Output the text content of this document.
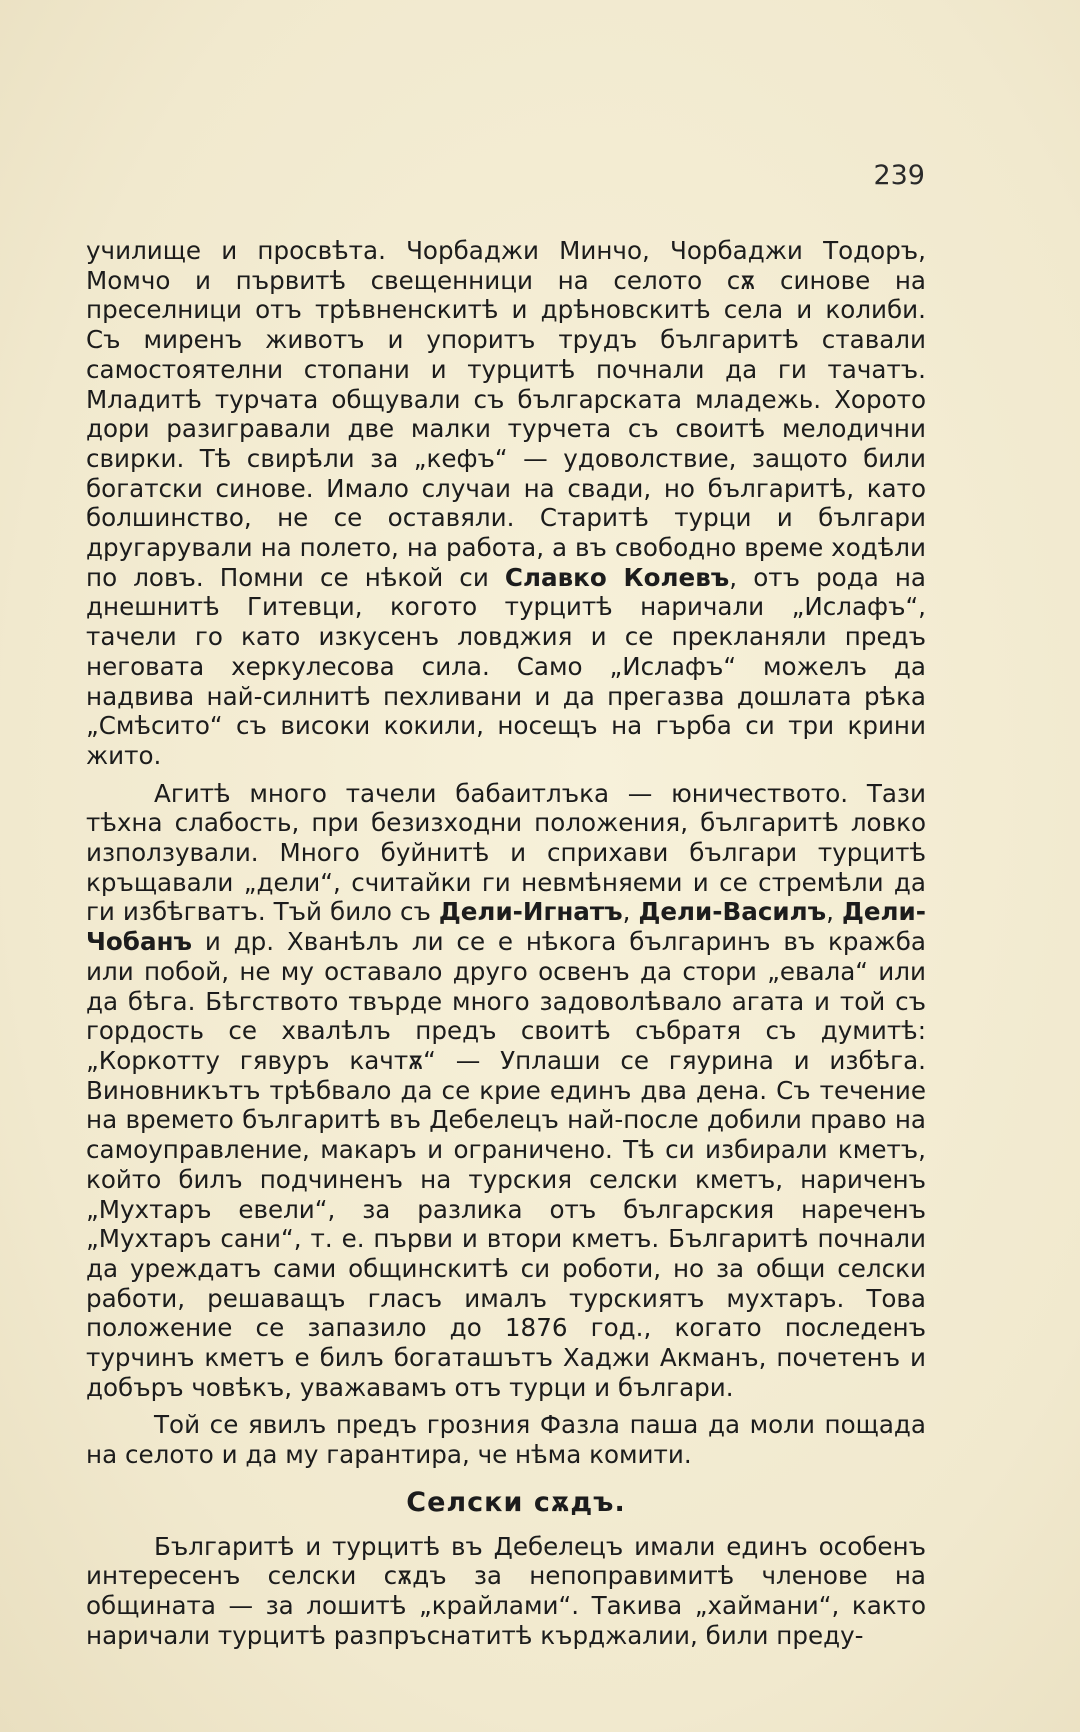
239

училище и просвѣта. Чорбаджи Минчо, Чорбаджи Тодоръ, Момчо и първитѣ свещенници на селото сѫ синове на преселници отъ трѣвненскитѣ и дрѣновскитѣ села и колиби. Съ миренъ животъ и упоритъ трудъ българитѣ ставали самостоятелни стопани и турцитѣ почнали да ги тачатъ. Младитѣ турчата общували съ българската младежь. Хорото дори разигравали две малки турчета съ своитѣ мелодични свирки. Тѣ свирѣли за „кефъ“ — удоволствие, защото били богатски синове. Имало случаи на свади, но българитѣ, като болшинство, не се оставяли. Старитѣ турци и българи другарували на полето, на работа, а въ свободно време ходѣли по ловъ. Помни се нѣкой си Славко Колевъ, отъ рода на днешнитѣ Гитевци, когото турцитѣ наричали „Ислафъ“, тачели го като изкусенъ ловджия и се прекланяли предъ неговата херкулесова сила. Само „Ислафъ“ можелъ да надвива най-силнитѣ пехливани и да прегазва дошлата рѣка „Смѣсито“ съ високи кокили, носещъ на гърба си три крини жито.

Агитѣ много тачели бабаитлъка — юничеството. Тази тѣхна слабость, при безизходни положения, българитѣ ловко използували. Много буйнитѣ и сприхави българи турцитѣ кръщавали „дели“, считайки ги невмѣняеми и се стремѣли да ги избѣгватъ. Тъй било съ Дели-Игнатъ, Дели-Василъ, Дели-Чобанъ и др. Хванѣлъ ли се е нѣкога българинъ въ кражба или побой, не му оставало друго освенъ да стори „евала“ или да бѣга. Бѣгството твърде много задоволѣвало агата и той съ гордость се хвалѣлъ предъ своитѣ събратя съ думитѣ: „Коркотту гявуръ качтѫ“ — Уплаши се гяурина и избѣга. Виновникътъ трѣбвало да се крие единъ два дена. Съ течение на времето българитѣ въ Дебелецъ най-после добили право на самоуправление, макаръ и ограничено. Тѣ си избирали кметъ, който билъ подчиненъ на турския селски кметъ, нариченъ „Мухтаръ евели“, за разлика отъ българския нареченъ „Мухтаръ сани“, т. е. първи и втори кметъ. Българитѣ почнали да уреждатъ сами общинскитѣ си роботи, но за общи селски работи, решаващъ гласъ ималъ турскиятъ мухтаръ. Това положение се запазило до 1876 год., когато последенъ турчинъ кметъ е билъ богаташътъ Хаджи Акманъ, почетенъ и добъръ човѣкъ, уважавамъ отъ турци и българи.

Той се явилъ предъ грозния Фазла паша да моли пощада на селото и да му гарантира, че нѣма комити.

Селски сѫдъ.

Българитѣ и турцитѣ въ Дебелецъ имали единъ особенъ интересенъ селски сѫдъ за непоправимитѣ членове на общината — за лошитѣ „крайлами“. Такива „хаймани“, както наричали турцитѣ разпръснатитѣ кърджалии, били преду-
